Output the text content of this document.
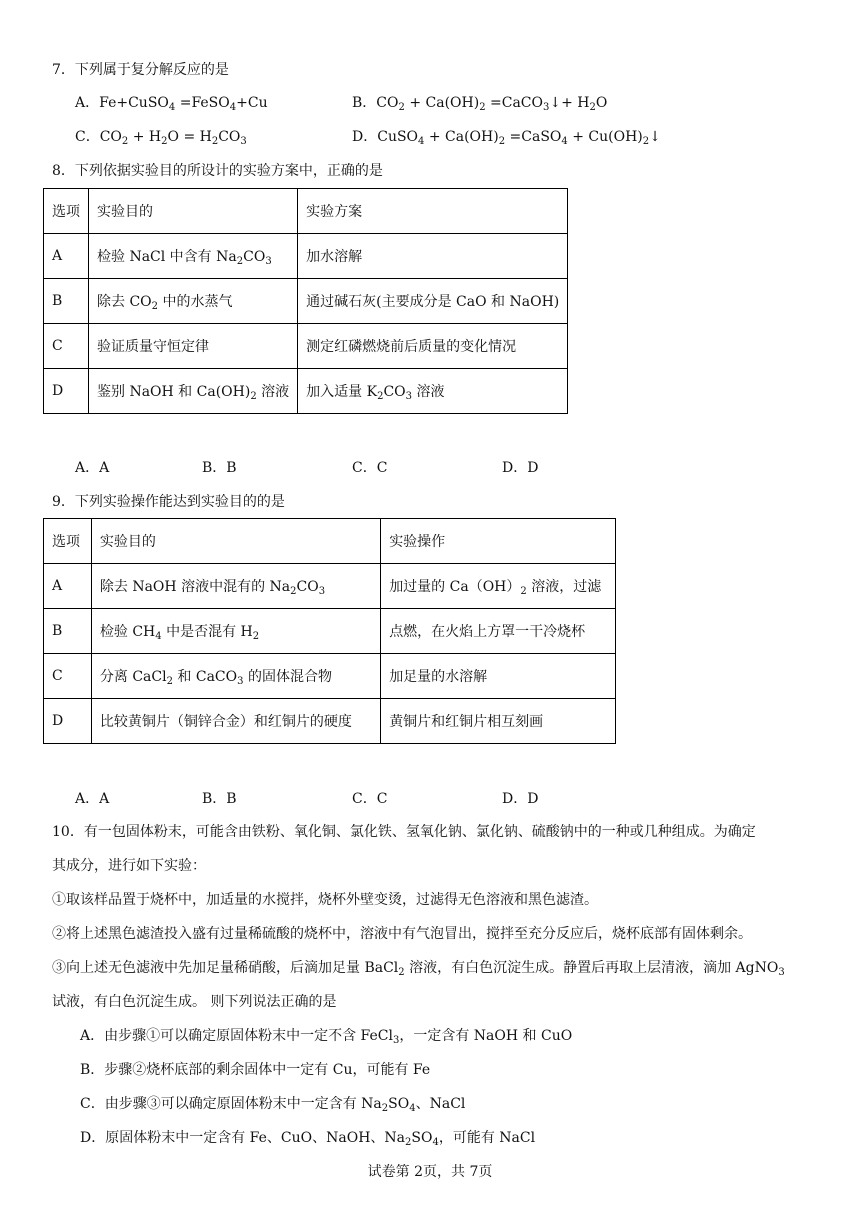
7．下列属于复分解反应的是
A．Fe+CuSO$_4$ =FeSO$_4$+Cu	B．$CO_2 + Ca(OH)_2$ =CaCO$_3$↓+ $H_2O$
C．$CO_2 + H_2O = H_2CO_3$	D．CuSO$_4$ + $Ca(OH)_2$ =CaSO$_4$ + $Cu(OH)_2↓$
8．下列依据实验目的所设计的实验方案中，正确的是
选项	实验目的	实验方案
A	检验 NaCl 中含有 $Na_2CO_3$	加水溶解
B	除去 $CO_2$ 中的水蒸气	通过碱石灰(主要成分是 CaO 和 NaOH)
C	验证质量守恒定律	测定红磷燃烧前后质量的变化情况
D	鉴别 NaOH 和 $Ca(OH)_2$ 溶液	加入适量 $K_2CO_3$ 溶液
A．A	B．B	C．C	D．D
9．下列实验操作能达到实验目的的是
选项	实验目的	实验操作
A	除去 NaOH 溶液中混有的 $Na_2CO_3$	加过量的 $Ca(OH)_2$ 溶液，过滤
B	检验 $CH_4$ 中是否混有 $H_2$	点燃，在火焰上方罩一干冷烧杯
C	分离 CaCl$_2$ 和 CaCO$_3$ 的固体混合物	加足量的水溶解
D	比较黄铜片（铜锌合金）和红铜片的硬度	黄铜片和红铜片相互刻画
A．A	B．B	C．C	D．D
10．有一包固体粉末，可能含由铁粉、氧化铜、氯化铁、氢氧化钠、氯化钠、硫酸钠中的一种或几种组成。为确定
其成分，进行如下实验：
①取该样品置于烧杯中，加适量的水搅拌，烧杯外壁变烫，过滤得无色溶液和黑色滤渣。
②将上述黑色滤渣投入盛有过量稀硫酸的烧杯中，溶液中有气泡冒出，搅拌至充分反应后，烧杯底部有固体剩余。
③向上述无色滤液中先加足量稀硝酸，后滴加足量 BaCl$_2$ 溶液，有白色沉淀生成。静置后再取上层清液，滴加 AgNO$_3$
试液，有白色沉淀生成。 则下列说法正确的是
A．由步骤①可以确定原固体粉末中一定不含 FeCl$_3$，一定含有 NaOH 和 CuO
B．步骤②烧杯底部的剩余固体中一定有 Cu，可能有 Fe
C．由步骤③可以确定原固体粉末中一定含有 $Na_2SO_4$、NaCl
D．原固体粉末中一定含有 Fe、CuO、NaOH、$Na_2SO_4$，可能有 NaCl
试卷第 2页，共 7页
